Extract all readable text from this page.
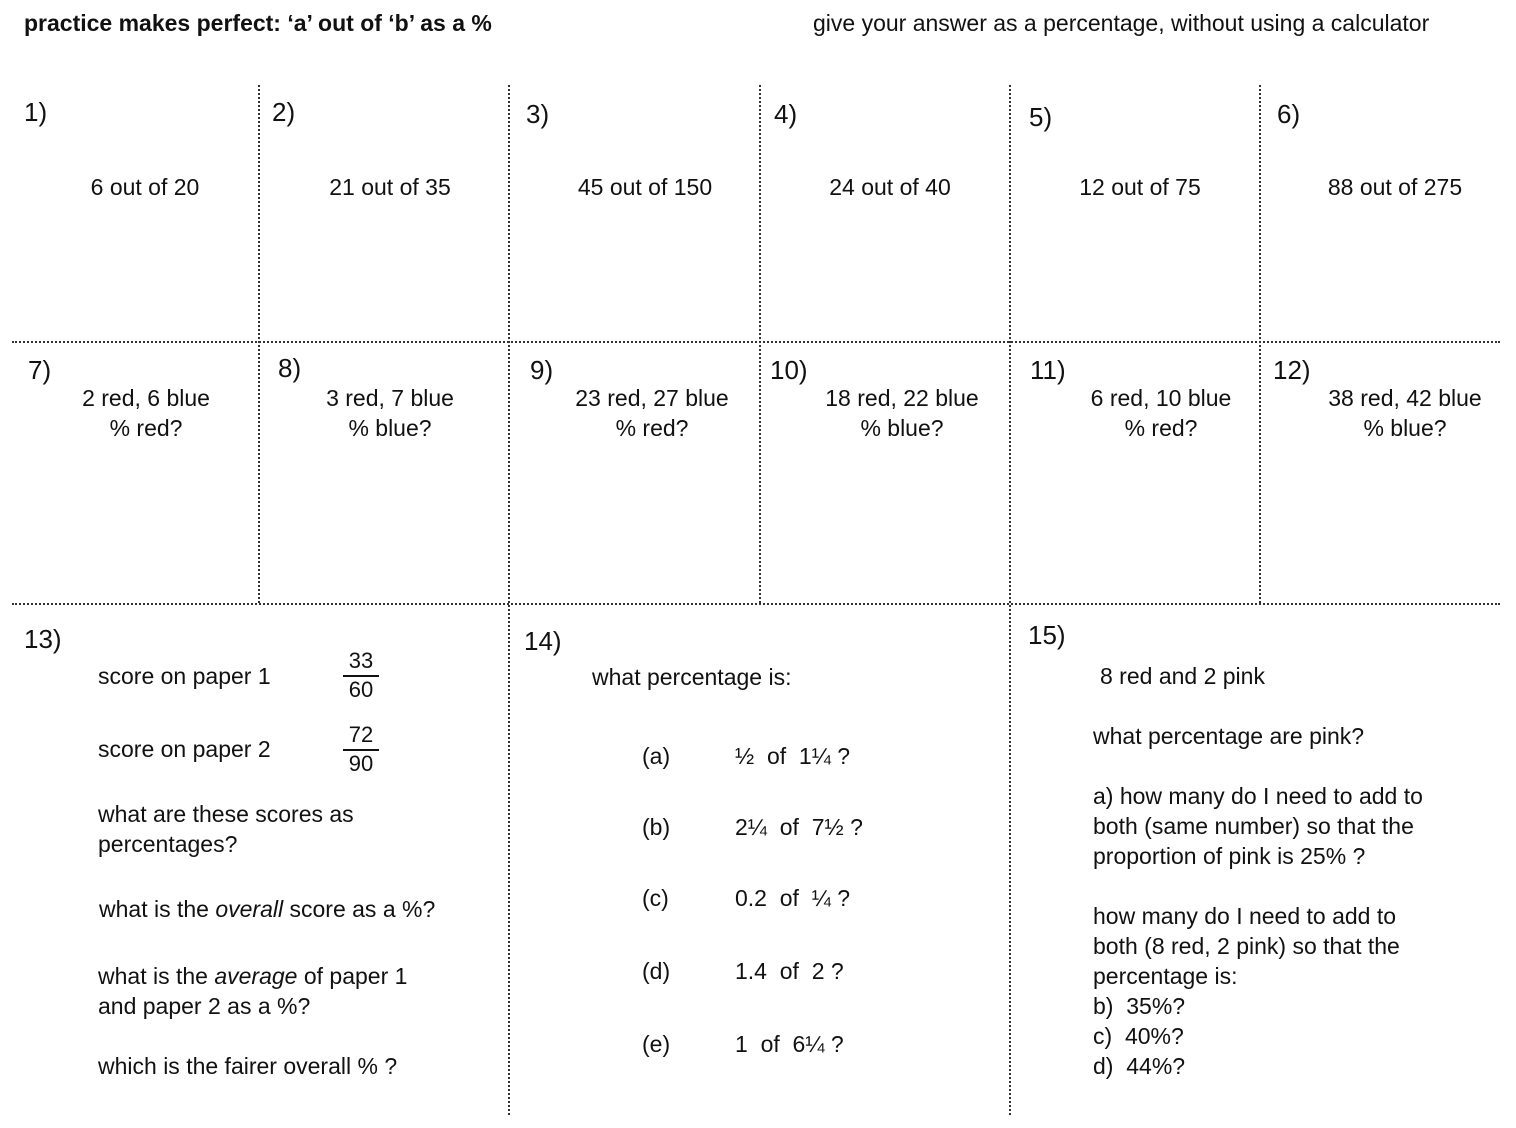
practice makes perfect: ‘a’ out of ‘b’ as a %	give your answer as a percentage, without using a calculator
1)
6 out of 20
2)
21 out of 35
3)
45 out of 150
4)
24 out of 40
5)
12 out of 75
6)
88 out of 275
7)
2 red, 6 blue
% red?
8)
3 red, 7 blue
% blue?
9)
23 red, 27 blue
% red?
10)
18 red, 22 blue
% blue?
11)
6 red, 10 blue
% red?
12)
38 red, 42 blue
% blue?
13)
score on paper 1	$\frac{33}{60}$
score on paper 2	$\frac{72}{90}$
what are these scores as
percentages?
what is the overall score as a %?
what is the average of paper 1
and paper 2 as a %?
which is the fairer overall % ?
14)
what percentage is:
(a)	½  of  1¼ ?
(b)	2¼  of  7½ ?
(c)	0.2  of  ¼ ?
(d)	1.4  of  2 ?
(e)	1  of  6¼ ?
15)
8 red and 2 pink
what percentage are pink?
a) how many do I need to add to
both (same number) so that the
proportion of pink is 25% ?
how many do I need to add to
both (8 red, 2 pink) so that the
percentage is:
b)  35%?
c)  40%?
d)  44%?
